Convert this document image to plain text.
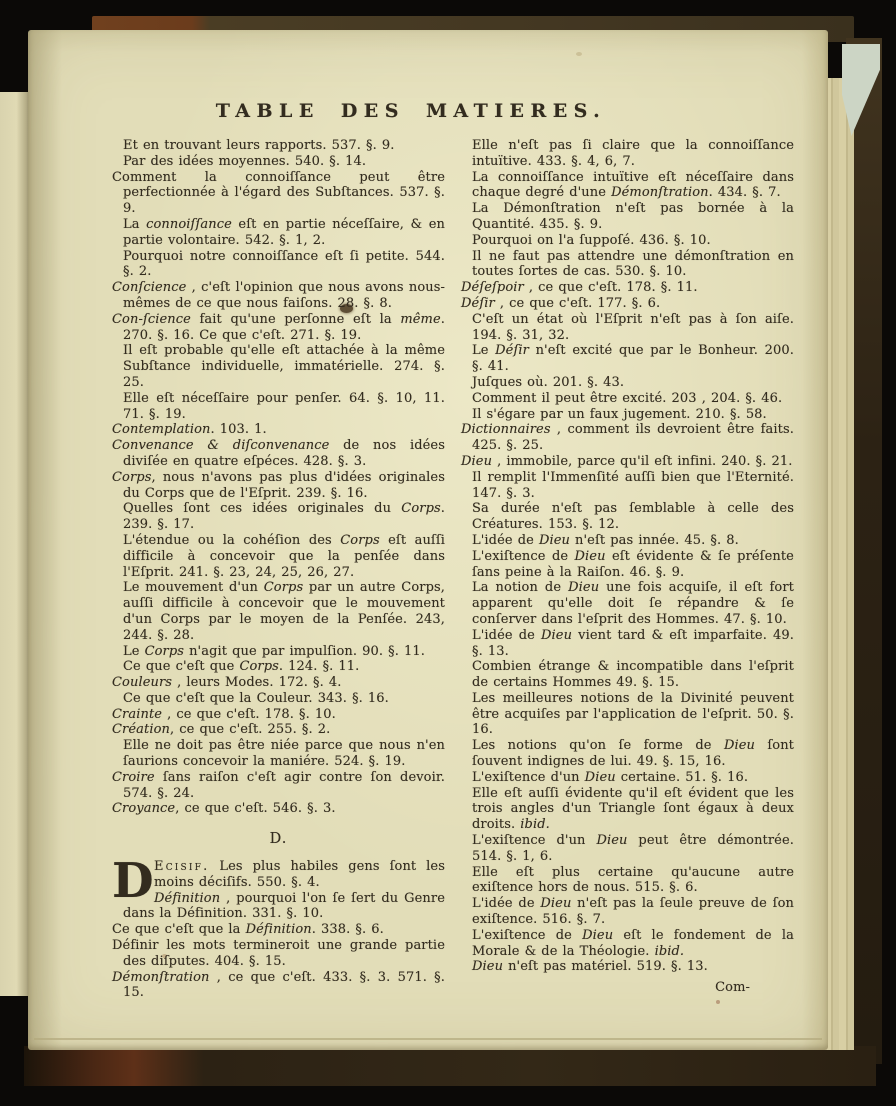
TABLE DES MATIERES.

Et en trouvant leurs rapports. 537. §. 9.

Par des idées moyennes. 540. §. 14.

Comment la connoiſſance peut être perfectionnée à l'égard des Subſtances. 537. §. 9.

La connoiſſance eſt en partie néceſſaire, & en partie volontaire. 542. §. 1, 2.

Pourquoi notre connoiſſance eſt ſi petite. 544. §. 2.

Conſcience , c'eſt l'opinion que nous avons nous-mêmes de ce que nous faiſons. 28. §. 8.

Con-ſcience fait qu'une perſonne eſt la même. 270. §. 16. Ce que c'eſt. 271. §. 19.

Il eſt probable qu'elle eſt attachée à la même Subſtance individuelle, immatérielle. 274. §. 25.

Elle eſt néceſſaire pour penſer. 64. §. 10, 11. 71. §. 19.

Contemplation. 103. 1.

Convenance & diſconvenance de nos idées diviſée en quatre eſpéces. 428. §. 3.

Corps, nous n'avons pas plus d'idées originales du Corps que de l'Eſprit. 239. §. 16.

Quelles ſont ces idées originales du Corps. 239. §. 17.

L'étendue ou la cohéſion des Corps eſt auſſi difficile à concevoir que la penſée dans l'Eſprit. 241. §. 23, 24, 25, 26, 27.

Le mouvement d'un Corps par un autre Corps, auſſi difficile à concevoir que le mouvement d'un Corps par le moyen de la Penſée. 243, 244. §. 28.

Le Corps n'agit que par impulſion. 90. §. 11.

Ce que c'eſt que Corps. 124. §. 11.

Couleurs , leurs Modes. 172. §. 4.

Ce que c'eſt que la Couleur. 343. §. 16.

Crainte , ce que c'eſt. 178. §. 10.

Création, ce que c'eſt. 255. §. 2.

Elle ne doit pas être niée parce que nous n'en ſaurions concevoir la maniére. 524. §. 19.

Croire ſans raiſon c'eſt agir contre ſon devoir. 574. §. 24.

Croyance, ce que c'eſt. 546. §. 3.

D.
D Ecisif. Les plus habiles gens ſont les moins déciſifs. 550. §. 4.

Définition , pourquoi l'on ſe ſert du Genre dans la Définition. 331. §. 10.

Ce que c'eſt que la Définition. 338. §. 6.

Définir les mots termineroit une grande partie des diſputes. 404. §. 15.

Démonſtration , ce que c'eſt. 433. §. 3. 571. §. 15.

Elle n'eſt pas ſi claire que la connoiſſance intuïtive. 433. §. 4, 6, 7.

La connoiſſance intuïtive eſt néceſſaire dans chaque degré d'une Démonſtration. 434. §. 7.

La Démonſtration n'eſt pas bornée à la Quantité. 435. §. 9.

Pourquoi on l'a ſuppoſé. 436. §. 10.

Il ne faut pas attendre une démonſtration en toutes ſortes de cas. 530. §. 10.

Déſeſpoir , ce que c'eſt. 178. §. 11.

Déſir , ce que c'eſt. 177. §. 6.

C'eſt un état où l'Eſprit n'eſt pas à ſon aiſe. 194. §. 31, 32.

Le Déſir n'eſt excité que par le Bonheur. 200. §. 41.

Juſques où. 201. §. 43.

Comment il peut être excité. 203 , 204. §. 46.

Il s'égare par un faux jugement. 210. §. 58.

Dictionnaires , comment ils devroient être faits. 425. §. 25.

Dieu , immobile, parce qu'il eſt infini. 240. §. 21.

Il remplit l'Immenſité auſſi bien que l'Eternité. 147. §. 3.

Sa durée n'eſt pas ſemblable à celle des Créatures. 153. §. 12.

L'idée de Dieu n'eſt pas innée. 45. §. 8.

L'exiſtence de Dieu eſt évidente & ſe préſente ſans peine à la Raiſon. 46. §. 9.

La notion de Dieu une fois acquiſe, il eſt fort apparent qu'elle doit ſe répandre & ſe conſerver dans l'eſprit des Hommes. 47. §. 10.

L'idée de Dieu vient tard & eſt imparfaite. 49. §. 13.

Combien étrange & incompatible dans l'eſprit de certains Hommes 49. §. 15.

Les meilleures notions de la Divinité peuvent être acquiſes par l'application de l'eſprit. 50. §. 16.

Les notions qu'on ſe forme de Dieu ſont ſouvent indignes de lui. 49. §. 15, 16.

L'exiſtence d'un Dieu certaine. 51. §. 16.

Elle eſt auſſi évidente qu'il eſt évident que les trois angles d'un Triangle ſont égaux à deux droits. ibid.

L'exiſtence d'un Dieu peut être démontrée. 514. §. 1, 6.

Elle eſt plus certaine qu'aucune autre exiſtence hors de nous. 515. §. 6.

L'idée de Dieu n'eſt pas la ſeule preuve de ſon exiſtence. 516. §. 7.

L'exiſtence de Dieu eſt le fondement de la Morale & de la Théologie. ibid.

Dieu n'eſt pas matériel. 519. §. 13.

Com-
